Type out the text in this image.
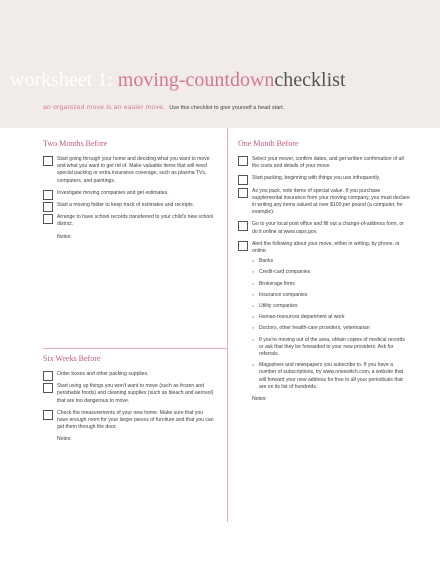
worksheet 1: moving-countdownchecklist
an organized move is an easier move. Use this checklist to give yourself a head start.
Two Months Before
Start going through your home and deciding what you want to move and what you want to get rid of. Make valuable items that will need special packing or extra insurance coverage, such as plasma TVs, computers, and paintings.
Investigate moving companies and get estimates.
Start a moving folder to keep track of estimates and receipts.
Arrange to have school records transferred to your child's new school district.
Notes:
Six Weeks Before
Order boxes and other packing supplies.
Start using up things you won't want to move (such as frozen and perishable foods) and cleaning supplies (such as bleach and aerosol) that are too dangerous to move.
Check the measurements of your new home. Make sure that you have enough room for your larger pieces of furniture and that you can get them through the door.
Notes:
One Month Before
Select your mover, confirm dates, and get written confirmation of all the costs and details of your move.
Start packing, beginning with things you use infrequently.
As you pack, note items of special value. If you purchase supplemental insurance from your moving company, you must declare in writing any items valued at over $100 per pound (a computer, for example).
Go to your local post office and fill out a change-of-address form, or do it online at www.usps.gov.
Alert the following about your move, either in writing, by phone, or online:
● Banks
● Credit-card companies
● Brokerage firms
● Insurance companies
● Utility companies
● Human-resources department at work
● Doctors, other health-care providers, veterinarian
● If you're moving out of the area, obtain copies of medical records or ask that they be forwarded to your new providers. Ask for referrals.
● Magazines and newspapers you subscribe to. If you have a number of subscriptions, try www.oneswitch.com, a website that will forward your new address for free to all your periodicals that are on its list of hundreds.
Notes:
